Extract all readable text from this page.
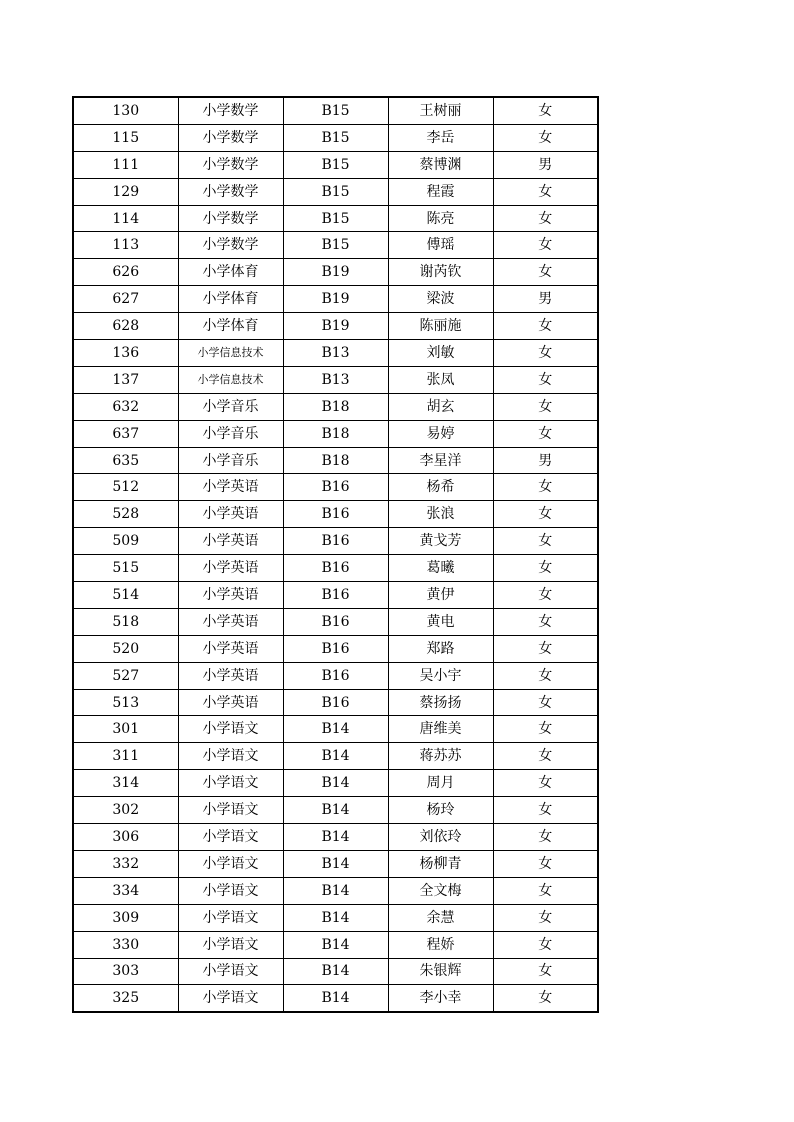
130	小学数学	B15	王树丽	女
115	小学数学	B15	李岳	女
111	小学数学	B15	蔡博渊	男
129	小学数学	B15	程霞	女
114	小学数学	B15	陈亮	女
113	小学数学	B15	傅瑶	女
626	小学体育	B19	谢芮钦	女
627	小学体育	B19	梁波	男
628	小学体育	B19	陈丽施	女
136	小学信息技术	B13	刘敏	女
137	小学信息技术	B13	张凤	女
632	小学音乐	B18	胡玄	女
637	小学音乐	B18	易婷	女
635	小学音乐	B18	李星洋	男
512	小学英语	B16	杨希	女
528	小学英语	B16	张浪	女
509	小学英语	B16	黄戈芳	女
515	小学英语	B16	葛曦	女
514	小学英语	B16	黄伊	女
518	小学英语	B16	黄电	女
520	小学英语	B16	郑路	女
527	小学英语	B16	吴小宇	女
513	小学英语	B16	蔡扬扬	女
301	小学语文	B14	唐维美	女
311	小学语文	B14	蒋苏苏	女
314	小学语文	B14	周月	女
302	小学语文	B14	杨玲	女
306	小学语文	B14	刘依玲	女
332	小学语文	B14	杨柳青	女
334	小学语文	B14	全文梅	女
309	小学语文	B14	余慧	女
330	小学语文	B14	程娇	女
303	小学语文	B14	朱银辉	女
325	小学语文	B14	李小幸	女
